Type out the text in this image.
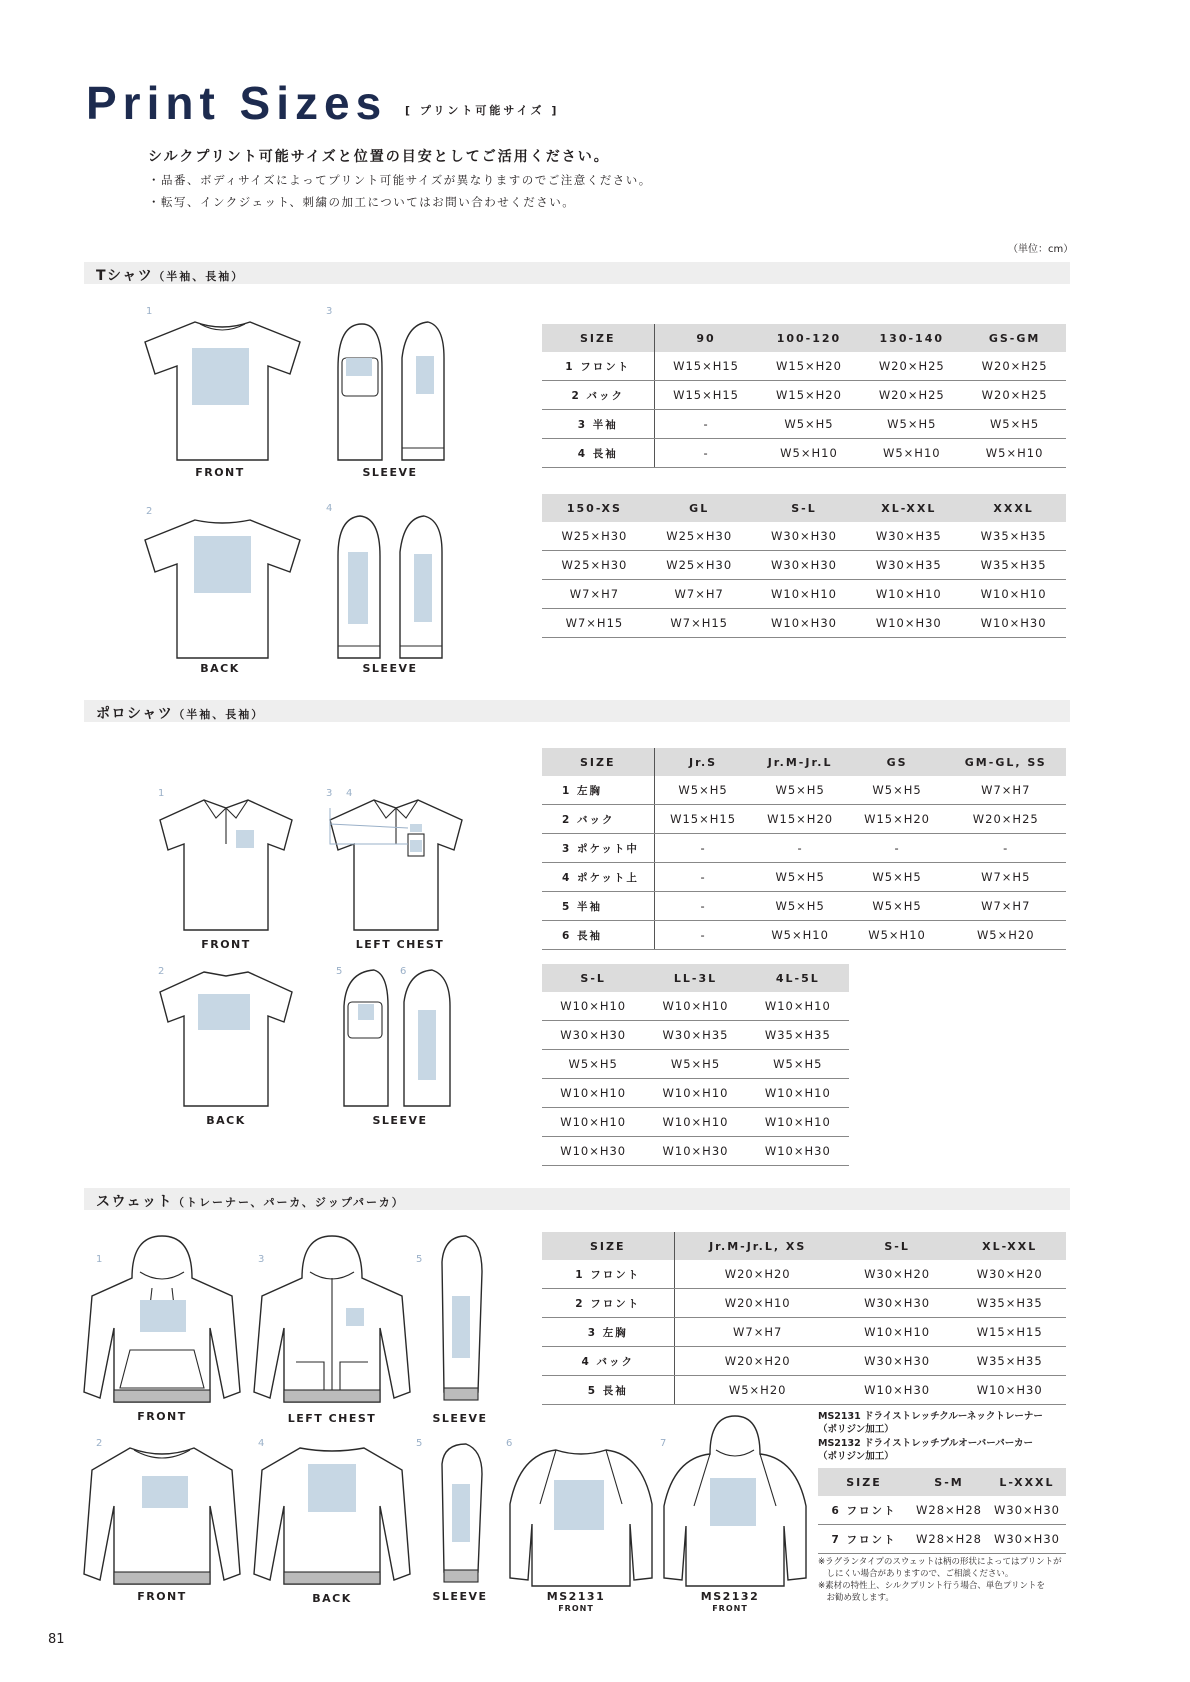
Print Sizes [ プリント可能サイズ ]
シルクプリント可能サイズと位置の目安としてご活用ください。
・品番、ボディサイズによってプリント可能サイズが異なりますのでご注意ください。
・転写、インクジェット、刺繍の加工についてはお問い合わせください。
（単位：cm）
Tシャツ（半袖、長袖）
1	3
2	4
FRONT	SLEEVE
BACK	SLEEVE
SIZE	90	100-120	130-140	GS-GM
1 フロント	W15×H15	W15×H20	W20×H25	W20×H25
2 バック	W15×H15	W15×H20	W20×H25	W20×H25
3 半袖	-	W5×H5	W5×H5	W5×H5
4 長袖	-	W5×H10	W5×H10	W5×H10
150-XS	GL	S-L	XL-XXL	XXXL
W25×H30	W25×H30	W30×H30	W30×H35	W35×H35
W25×H30	W25×H30	W30×H30	W30×H35	W35×H35
W7×H7	W7×H7	W10×H10	W10×H10	W10×H10
W7×H15	W7×H15	W10×H30	W10×H30	W10×H30
ポロシャツ（半袖、長袖）
1	3 4
2	5	6
FRONT	LEFT CHEST
BACK	SLEEVE
SIZE	Jr.S	Jr.M-Jr.L	GS	GM-GL, SS
1 左胸	W5×H5	W5×H5	W5×H5	W7×H7
2 バック	W15×H15	W15×H20	W15×H20	W20×H25
3 ポケット中	-	-	-	-
4 ポケット上	-	W5×H5	W5×H5	W7×H5
5 半袖	-	W5×H5	W5×H5	W7×H7
6 長袖	-	W5×H10	W5×H10	W5×H20
S-L	LL-3L	4L-5L
W10×H10	W10×H10	W10×H10
W30×H30	W30×H35	W35×H35
W5×H5	W5×H5	W5×H5
W10×H10	W10×H10	W10×H10
W10×H10	W10×H10	W10×H10
W10×H30	W10×H30	W10×H30
スウェット（トレーナー、パーカ、ジップパーカ）
1	3	5
2	4	5	6	7
FRONT	LEFT CHEST	SLEEVE
FRONT	BACK	SLEEVE	MS2131
FRONT
MS2132
FRONT
SIZE	Jr.M-Jr.L, XS	S-L	XL-XXL
1 フロント	W20×H20	W30×H20	W30×H20
2 フロント	W20×H10	W30×H30	W35×H35
3 左胸	W7×H7	W10×H10	W15×H15
4 バック	W20×H20	W30×H30	W35×H35
5 長袖	W5×H20	W10×H30	W10×H30
MS2131 ドライストレッチクルーネックトレーナー
（ポリジン加工）
MS2132 ドライストレッチプルオーバーパーカー
（ポリジン加工）
SIZE	S-M	L-XXXL
6 フロント	W28×H28	W30×H30
7 フロント	W28×H28	W30×H30
※ラグランタイプのスウェットは柄の形状によってはプリントが
　しにくい場合がありますので、ご相談ください。
※素材の特性上、シルクプリント行う場合、単色プリントを
　お勧め致します。
81
